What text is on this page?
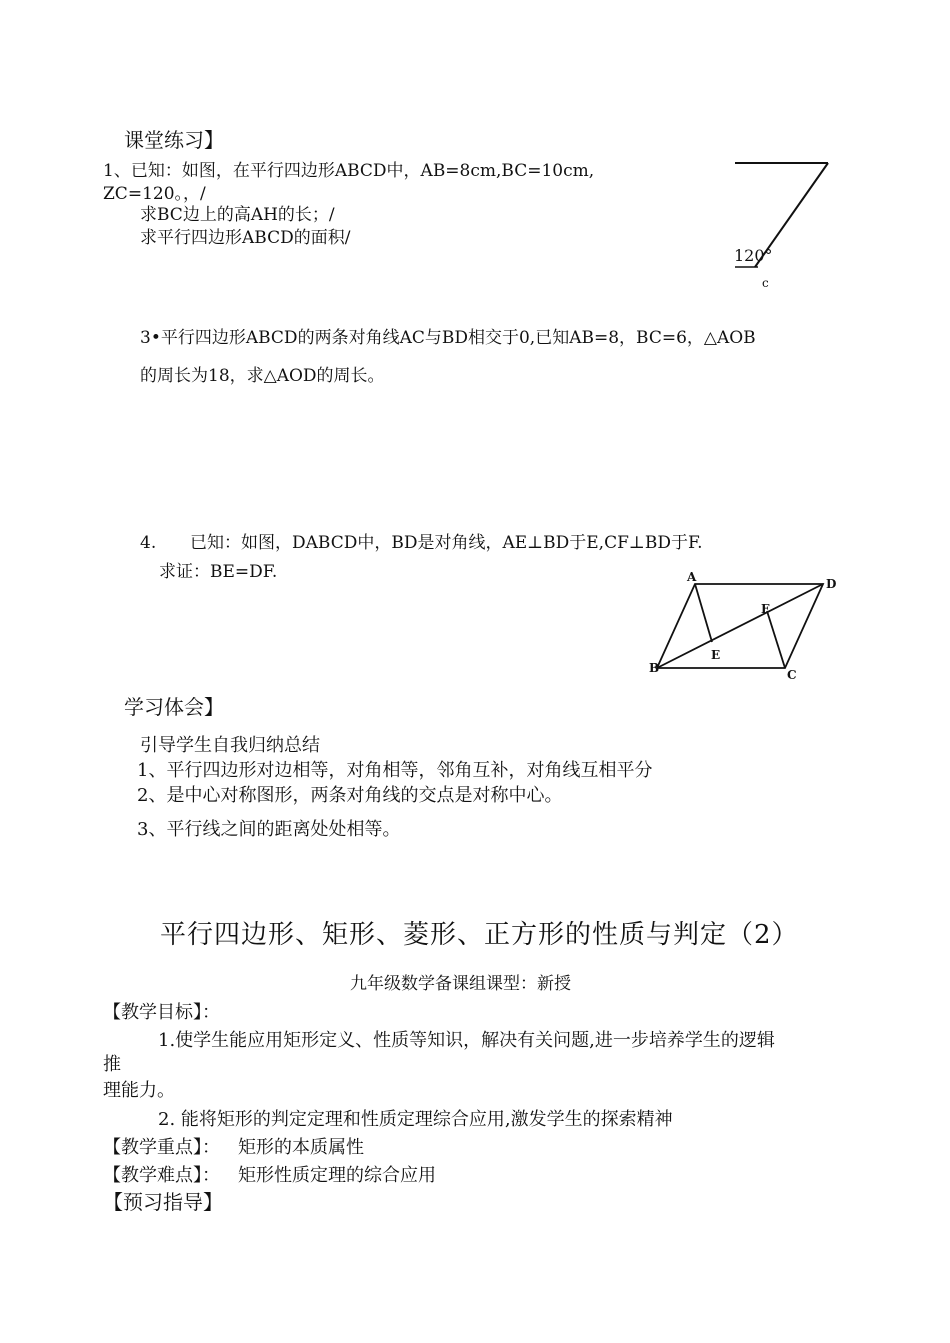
课堂练习】
1、已知：如图，在平行四边形ABCD中，AB=8cm,BC=10cm,
ZC=120。，/
求BC边上的高AH的长；/
求平行四边形ABCD的面积/
120°
c
3•平行四边形ABCD的两条对角线AC与BD相交于0,已知AB=8，BC=6，△AOB
的周长为18，求△AOD的周长。
4. 已知：如图，DABCD中，BD是对角线，AE⊥BD于E,CF⊥BD于F.
求证：BE=DF.	A	D
B	C
E
F
学习体会】
引导学生自我归纳总结
1、平行四边形对边相等，对角相等，邻角互补，对角线互相平分
2、是中心对称图形，两条对角线的交点是对称中心。
3、平行线之间的距离处处相等。
平行四边形、矩形、菱形、正方形的性质与判定（2）
九年级数学备课组课型：新授
【教学目标】：
1.使学生能应用矩形定义、性质等知识，解决有关问题,进一步培养学生的逻辑
推
理能力。
2. 能将矩形的判定定理和性质定理综合应用,激发学生的探索精神
【教学重点】： 矩形的本质属性
【教学难点】： 矩形性质定理的综合应用
【预习指导】
